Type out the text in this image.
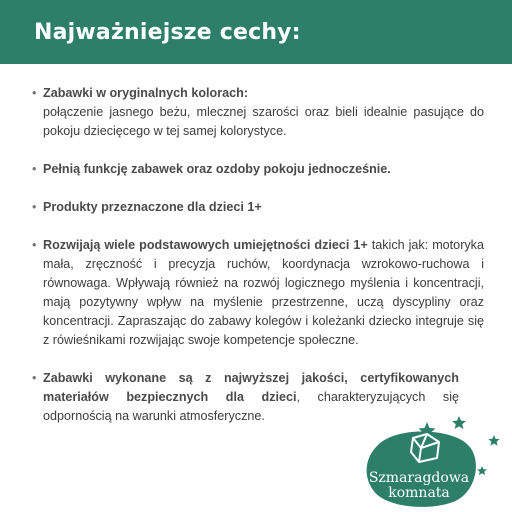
Najważniejsze cechy:
• Zabawki w oryginalnych kolorach:
połączenie jasnego beżu, mlecznej szarości oraz bieli idealnie pasujące do pokoju dziecięcego w tej samej kolorystyce.
• Pełnią funkcję zabawek oraz ozdoby pokoju jednocześnie.
• Produkty przeznaczone dla dzieci 1+
• Rozwijają wiele podstawowych umiejętności dzieci 1+ takich jak: motoryka mała, zręczność i precyzja ruchów, koordynacja wzrokowo-ruchowa i równowaga. Wpływają również na rozwój logicznego myślenia i koncentracji, mają pozytywny wpływ na myślenie przestrzenne, uczą dyscypliny oraz koncentracji. Zapraszając do zabawy kolegów i koleżanki dziecko integruje się z rówieśnikami rozwijając swoje kompetencje społeczne.
• Zabawki wykonane są z najwyższej jakości, certyfikowanych materiałów bezpiecznych dla dzieci, charakteryzujących się odpornością na warunki atmosferyczne.
Szmaragdowa
komnata
